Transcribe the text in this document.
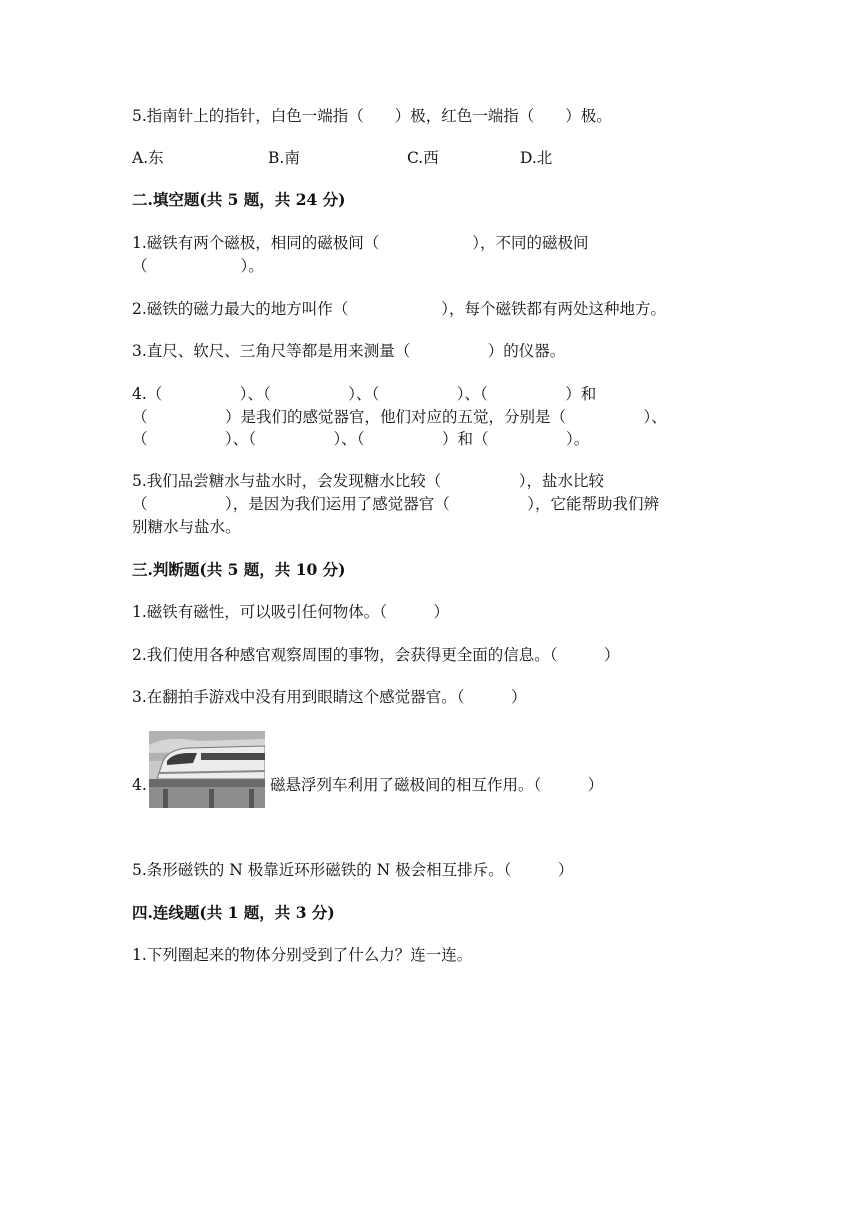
5.指南针上的指针，白色一端指（　　）极，红色一端指（　　）极。
A.东	B.南	C.西	D.北
二.填空题(共 5 题，共 24 分)
1.磁铁有两个磁极，相同的磁极间（　　　　　　），不同的磁极间
（　　　　　　）。
2.磁铁的磁力最大的地方叫作（　　　　　　），每个磁铁都有两处这种地方。
3.直尺、软尺、三角尺等都是用来测量（　　　　　）的仪器。
4.（　　　　　）、（　　　　　）、（　　　　　）、（　　　　　）和
（　　　　　）是我们的感觉器官，他们对应的五觉，分别是（　　　　　）、
（　　　　　）、（　　　　　）、（　　　　　）和（　　　　　）。
5.我们品尝糖水与盐水时，会发现糖水比较（　　　　　），盐水比较
（　　　　　），是因为我们运用了感觉器官（　　　　　），它能帮助我们辨
别糖水与盐水。
三.判断题(共 5 题，共 10 分)
1.磁铁有磁性，可以吸引任何物体。（　　　）
2.我们使用各种感官观察周围的事物，会获得更全面的信息。（　　　）
3.在翻拍手游戏中没有用到眼睛这个感觉器官。（　　　）
4.	磁悬浮列车利用了磁极间的相互作用。（　　　）
5.条形磁铁的 N 极靠近环形磁铁的 N 极会相互排斥。（　　　）
四.连线题(共 1 题，共 3 分)
1.下列圈起来的物体分别受到了什么力？连一连。
